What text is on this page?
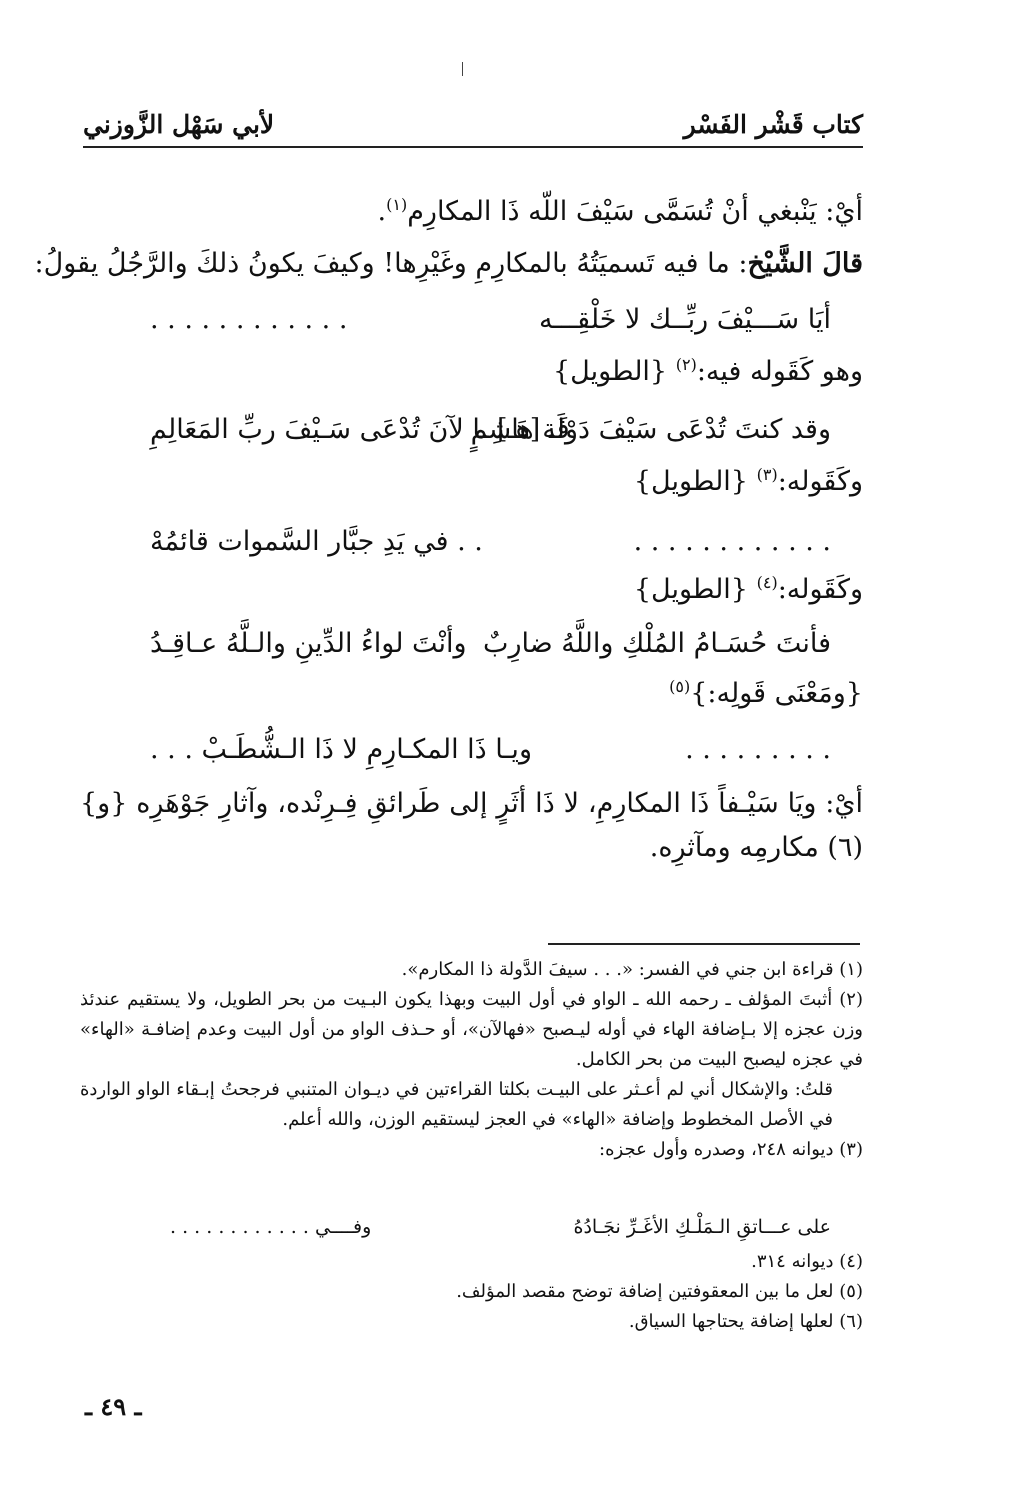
كتاب قَشْر الفَسْر
لأبي سَهْل الزَّوزني
أيْ: يَنْبغي أنْ تُسَمَّى سَيْفَ اللّه ذَا المكارِم$^{(١)}$.
قالَ الشَّيْخ: ما فيه تَسميَتُهُ بالمكارِمِ وغَيْرِها! وكيفَ يكونُ ذلكَ والرَّجُلُ يقولُ:
أيَا سَـــيْفَ ربِّــك لا خَلْقِـــه
. . . . . . . . . . . .
وهو كَقَوله فيه:$^{(٢)}$ {الطويل}
وقد كنتَ تُدْعَى سَيْفَ دَوْلَة هاشِمٍ
فَـ [هَـ] ـا لآنَ تُدْعَى سَـيْفَ ربِّ المَعَالِمِ
وكَقَوله:$^{(٣)}$ {الطويل}
. . . . . . . . . . . .
. . في يَدِ جبَّار السَّموات قائمُهْ
وكَقَوله:$^{(٤)}$ {الطويل}
فأنتَ حُسَـامُ المُلْكِ واللَّهُ ضارِبٌ
وأنْتَ لواءُ الدِّينِ والـلَّهُ عـاقِـدُ
{ومَعْنَى قَولِه:}$^{(٥)}$
. . . . . . . . .
ويـا ذَا المكـارِمِ لا ذَا الـشُّطَـبْ . . .
أيْ: ويَا سَيْـفاً ذَا المكارِمِ، لا ذَا أثَرٍ إلى طَرائقِ فِـرِنْده، وآثارِ جَوْهَرِه {و}(٦) مكارمِه ومآثرِه.

(١) قراءة ابن جني في الفسر: «. . . سيفَ الدَّولة ذا المكارم».

(٢) أثبتَ المؤلف ـ رحمه الله ـ الواو في أول البيت وبهذا يكون البـيت من بحر الطويل، ولا يستقيم عندئذ وزن عجزه إلا بـإضافة الهاء في أوله ليـصبح «فهالآن»، أو حـذف الواو من أول البيت وعدم إضافـة «الهاء» في عجزه ليصبح البيت من بحر الكامل.

قلتُ: والإشكال أني لم أعـثر على البيـت بكلتا القراءتين في ديـوان المتنبي فرجحتُ إبـقاء الواو الواردة في الأصل المخطوط وإضافة «الهاء» في العجز ليستقيم الوزن، والله أعلم.

(٣) ديوانه ٢٤٨، وصدره وأول عجزه:

على عـــاتقِ الـمَلْـكِ الأغَـرِّ نجَـادُهُ
وفــــي . . . . . . . . . . . .

(٤) ديوانه ٣١٤.

(٥) لعل ما بين المعقوفتين إضافة توضح مقصد المؤلف.

(٦) لعلها إضافة يحتاجها السياق.

ـ ٤٩ ـ
